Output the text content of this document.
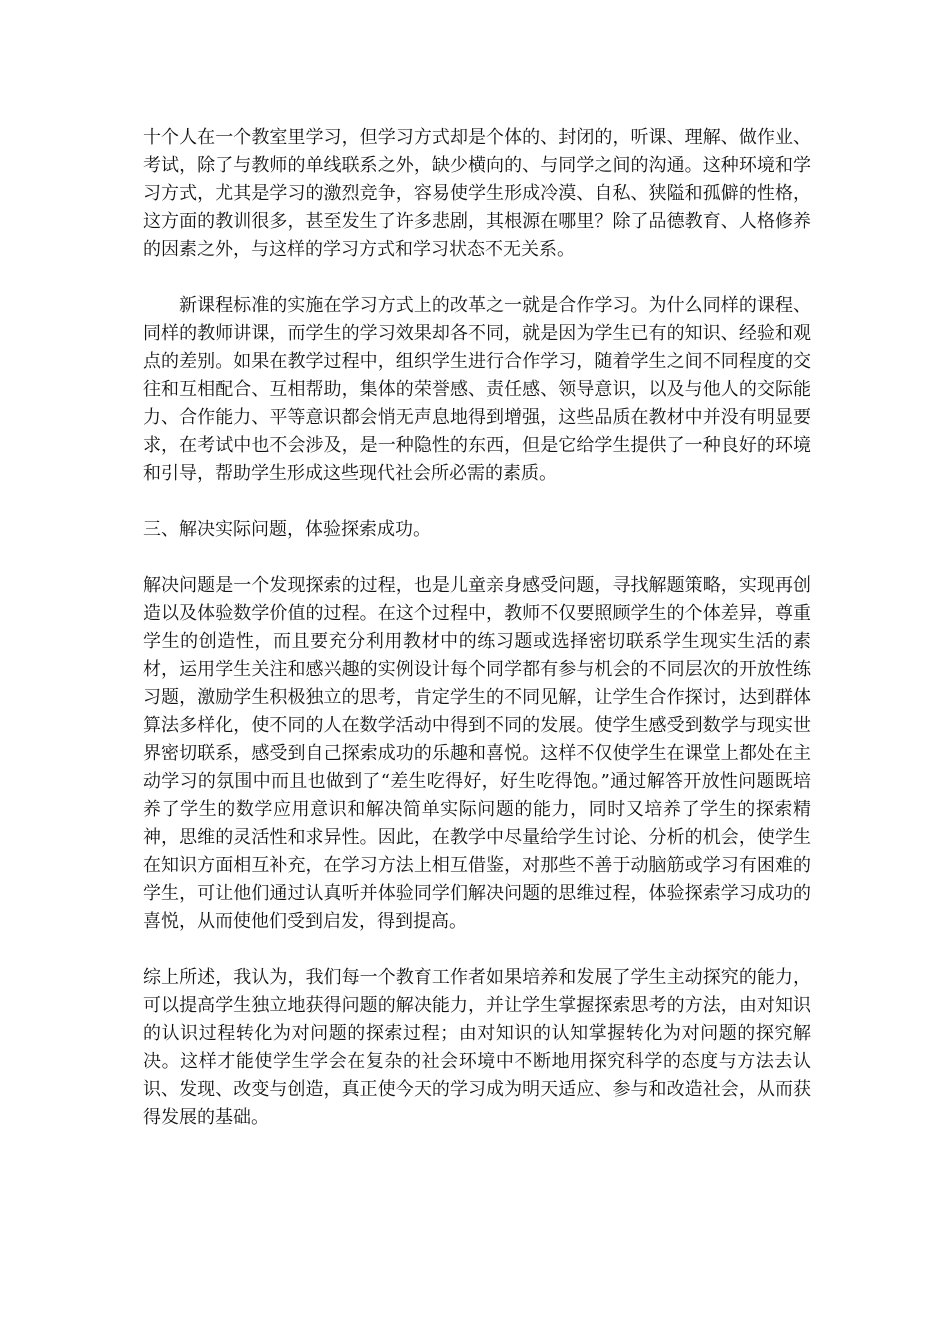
十个人在一个教室里学习，但学习方式却是个体的、封闭的，听课、理解、做作业、考试，除了与教师的单线联系之外，缺少横向的、与同学之间的沟通。这种环境和学习方式，尤其是学习的激烈竞争，容易使学生形成冷漠、自私、狭隘和孤僻的性格，这方面的教训很多，甚至发生了许多悲剧，其根源在哪里？除了品德教育、人格修养的因素之外，与这样的学习方式和学习状态不无关系。

新课程标准的实施在学习方式上的改革之一就是合作学习。为什么同样的课程、同样的教师讲课，而学生的学习效果却各不同，就是因为学生已有的知识、经验和观点的差别。如果在教学过程中，组织学生进行合作学习，随着学生之间不同程度的交往和互相配合、互相帮助，集体的荣誉感、责任感、领导意识，以及与他人的交际能力、合作能力、平等意识都会悄无声息地得到增强，这些品质在教材中并没有明显要求，在考试中也不会涉及，是一种隐性的东西，但是它给学生提供了一种良好的环境和引导，帮助学生形成这些现代社会所必需的素质。

三、解决实际问题，体验探索成功。

解决问题是一个发现探索的过程，也是儿童亲身感受问题，寻找解题策略，实现再创造以及体验数学价值的过程。在这个过程中，教师不仅要照顾学生的个体差异，尊重学生的创造性，而且要充分利用教材中的练习题或选择密切联系学生现实生活的素材，运用学生关注和感兴趣的实例设计每个同学都有参与机会的不同层次的开放性练习题，激励学生积极独立的思考，肯定学生的不同见解，让学生合作探讨，达到群体算法多样化，使不同的人在数学活动中得到不同的发展。使学生感受到数学与现实世界密切联系，感受到自己探索成功的乐趣和喜悦。这样不仅使学生在课堂上都处在主动学习的氛围中而且也做到了“差生吃得好，好生吃得饱。”通过解答开放性问题既培养了学生的数学应用意识和解决简单实际问题的能力，同时又培养了学生的探索精神，思维的灵活性和求异性。因此，在教学中尽量给学生讨论、分析的机会，使学生在知识方面相互补充，在学习方法上相互借鉴，对那些不善于动脑筋或学习有困难的学生，可让他们通过认真听并体验同学们解决问题的思维过程，体验探索学习成功的喜悦，从而使他们受到启发，得到提高。

综上所述，我认为，我们每一个教育工作者如果培养和发展了学生主动探究的能力，可以提高学生独立地获得问题的解决能力，并让学生掌握探索思考的方法，由对知识的认识过程转化为对问题的探索过程；由对知识的认知掌握转化为对问题的探究解决。这样才能使学生学会在复杂的社会环境中不断地用探究科学的态度与方法去认识、发现、改变与创造，真正使今天的学习成为明天适应、参与和改造社会，从而获得发展的基础。
